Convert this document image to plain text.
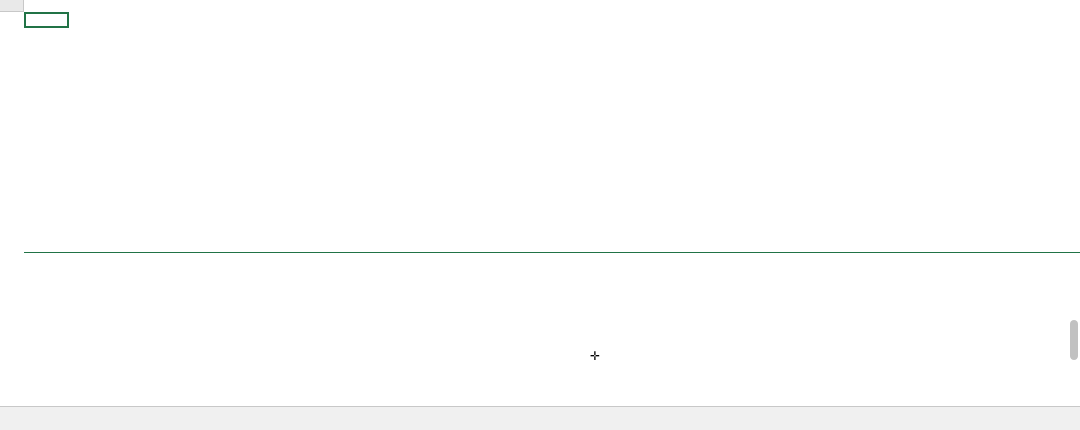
✛
